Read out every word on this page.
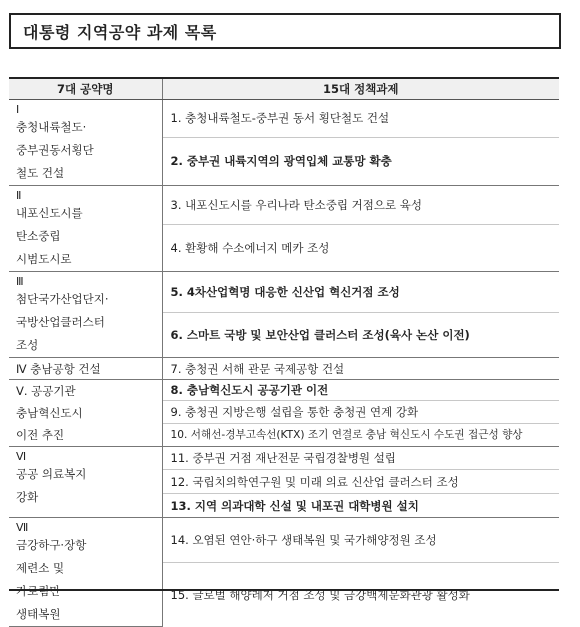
대통령 지역공약 과제 목록
7대 공약명	15대 정책과제

Ⅰ
충청내륙철도·
중부권동서횡단
철도 건설	1. 충청내륙철도-중부권 동서 횡단철도 건설
	2. 중부권 내륙지역의 광역입체 교통망 확충

Ⅱ
내포신도시를
탄소중립
시범도시로	3. 내포신도시를 우리나라 탄소중립 거점으로 육성
	4. 환황해 수소에너지 메카 조성

Ⅲ
첨단국가산업단지·
국방산업클러스터
조성	5. 4차산업혁명 대응한 신산업 혁신거점 조성
	6. 스마트 국방 및 보안산업 클러스터 조성(육사 논산 이전)

Ⅳ 충남공항 건설	7. 충청권 서해 관문 국제공항 건설

Ⅴ. 공공기관
충남혁신도시
이전 추진	8. 충남혁신도시 공공기관 이전
	9. 충청권 지방은행 설립을 통한 충청권 연계 강화
	10. 서해선-경부고속선(KTX) 조기 연결로 충남 혁신도시 수도권 접근성 향상

Ⅵ
공공 의료복지
강화	11. 중부권 거점 재난전문 국립경찰병원 설립
	12. 국립치의학연구원 및 미래 의료 신산업 클러스터 조성
	13. 지역 의과대학 신설 및 내포권 대학병원 설치

Ⅶ
금강하구·장항
제련소 및
가로림만
생태복원	14. 오염된 연안·하구 생태복원 및 국가해양정원 조성
	15. 글로벌 해양레저 거점 조성 및 금강백제문화관광 활성화
